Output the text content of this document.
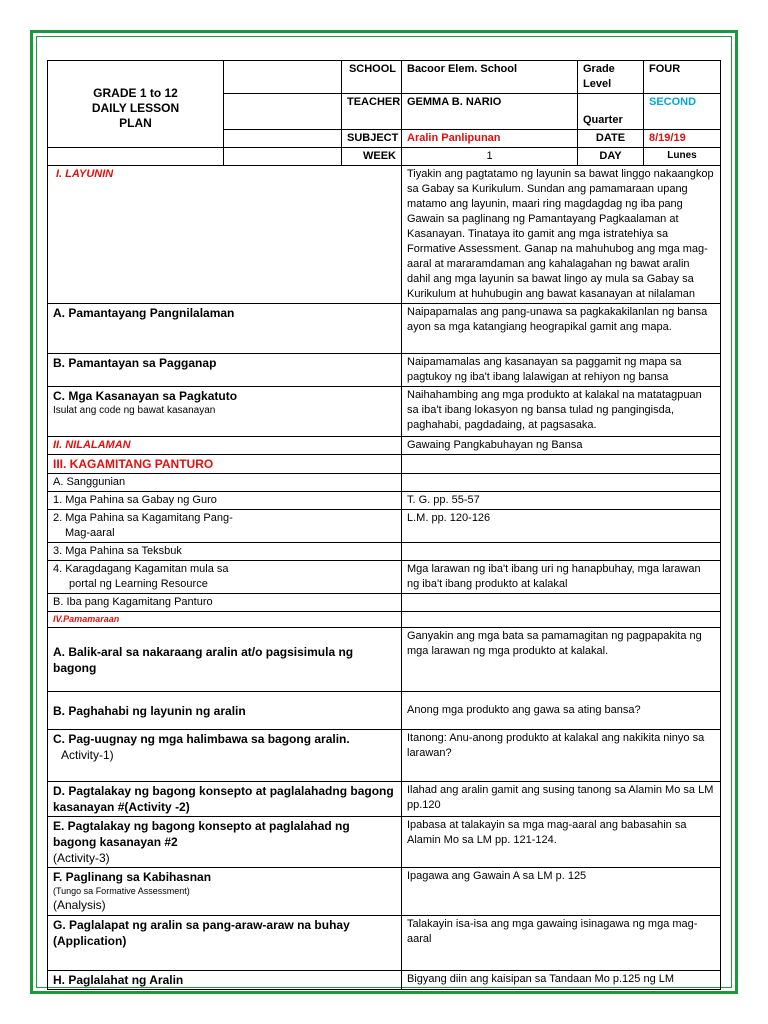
GRADE 1 to 12
DAILY LESSON
PLAN		SCHOOL	Bacoor Elem. School	Grade Level	FOUR
		TEACHER	GEMMA B. NARIO	Quarter	SECOND
		SUBJECT	Aralin Panlipunan	DATE	8/19/19
		WEEK	1	DAY	Lunes
I. LAYUNIN			Tiyakin ang pagtatamo ng layunin sa bawat linggo nakaangkop sa Gabay sa Kurikulum. Sundan ang pamamaraan upang matamo ang layunin, maari ring magdagdag ng iba pang Gawain sa paglinang ng Pamantayang Pagkaalaman at Kasanayan. Tinataya ito gamit ang mga istratehiya sa Formative Assessment. Ganap na mahuhubog ang mga mag-aaral at mararamdaman ang kahalagahan ng bawat aralin dahil ang mga layunin sa bawat lingo ay mula sa Gabay sa Kurikulum at huhubugin ang bawat kasanayan at nilalaman		
A. Pamantayang Pangnilalaman			Naipapamalas ang pang-unawa sa pagkakakilanlan ng bansa ayon sa mga katangiang heograpikal gamit ang mapa.		
B. Pamantayan sa Pagganap			Naipamamalas ang kasanayan sa paggamit ng mapa sa pagtukoy ng iba't ibang lalawigan at rehiyon ng bansa		

C. Mga Kasanayan sa Pagkatuto
Isulat ang code ng bawat kasanayan			Naihahambing ang mga produkto at kalakal na matatagpuan sa iba't ibang lokasyon ng bansa tulad ng pangingisda, paghahabi, pagdadaing, at pagsasaka.		
II. NILALAMAN			Gawaing Pangkabuhayan ng Bansa		
III. KAGAMITANG PANTURO					
A. Sanggunian					
1. Mga Pahina sa Gabay ng Guro			T. G. pp. 55-57		

2. Mga Pahina sa Kagamitang Pang-
Mag-aaral			L.M. pp. 120-126		
3. Mga Pahina sa Teksbuk					

4. Karagdagang Kagamitan mula sa
portal ng Learning Resource			Mga larawan ng iba't ibang uri ng hanapbuhay, mga larawan ng iba't ibang produkto at kalakal		
B. Iba pang Kagamitang Panturo					
IV.Pamamaraan					
A. Balik-aral sa nakaraang aralin at/o pagsisimula ng bagong			Ganyakin ang mga bata sa pamamagitan ng pagpapakita ng mga larawan ng mga produkto at kalakal.		
B. Paghahabi ng layunin ng aralin			Anong mga produkto ang gawa sa ating bansa?		

C. Pag-uugnay ng mga halimbawa sa bagong aralin.
Activity-1)			Itanong: Anu-anong produkto at kalakal ang nakikita ninyo sa larawan?		
D. Pagtalakay ng bagong konsepto at paglalahadng bagong kasanayan #(Activity -2)			Ilahad ang aralin gamit ang susing tanong sa Alamin Mo sa LM pp.120		

E. Pagtalakay ng bagong konsepto at paglalahad ng bagong kasanayan #2
(Activity-3)			Ipabasa at talakayin sa mga mag-aaral ang babasahin sa Alamin Mo sa LM pp. 121-124.		

F. Paglinang sa Kabihasnan
(Tungo sa Formative Assessment)
(Analysis)			Ipagawa ang Gawain A sa LM p. 125		

G. Paglalapat ng aralin sa pang-araw-araw na buhay
(Application)			Talakayin isa-isa ang mga gawaing isinagawa ng mga mag-aaral		
H. Paglalahat ng Aralin			Bigyang diin ang kaisipan sa Tandaan Mo p.125 ng LM		
